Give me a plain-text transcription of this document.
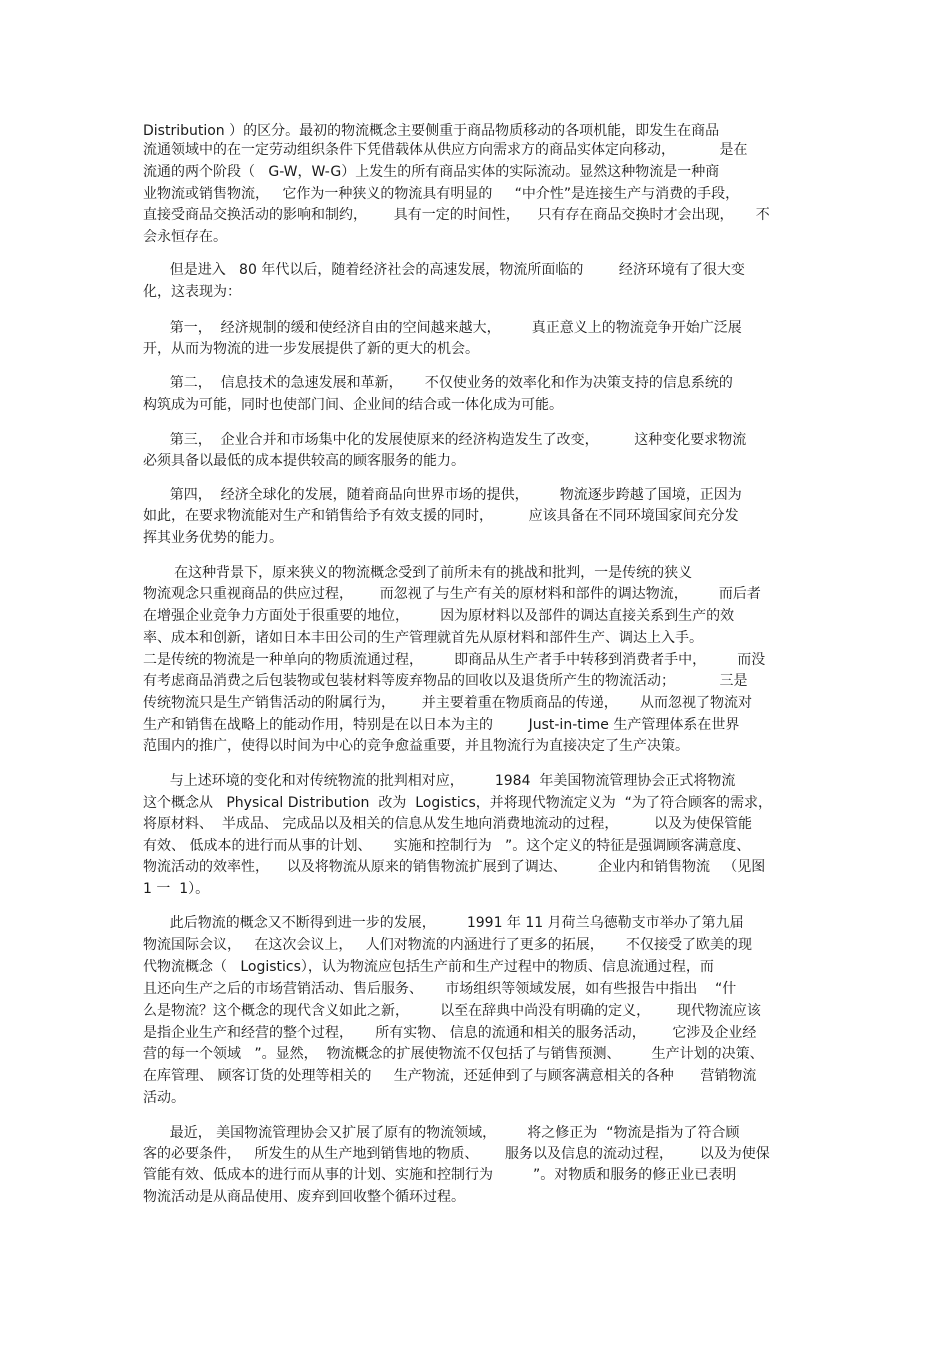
Distribution ）的区分。最初的物流概念主要侧重于商品物质移动的各项机能，即发生在商品
流通领域中的在一定劳动组织条件下凭借载体从供应方向需求方的商品实体定向移动，          是在
流通的两个阶段（   G-W，W-G）上发生的所有商品实体的实际流动。显然这种物流是一种商
业物流或销售物流，   它作为一种狭义的物流具有明显的     “中介性”是连接生产与消费的手段，
直接受商品交换活动的影响和制约，      具有一定的时间性，    只有存在商品交换时才会出现，     不
会永恒存在。
但是进入   80 年代以后，随着经济社会的高速发展，物流所面临的        经济环境有了很大变
化，这表现为：
第一，  经济规制的缓和使经济自由的空间越来越大，       真正意义上的物流竞争开始广泛展
开，从而为物流的进一步发展提供了新的更大的机会。
第二，  信息技术的急速发展和革新，     不仅使业务的效率化和作为决策支持的信息系统的
构筑成为可能，同时也使部门间、企业间的结合或一体化成为可能。
第三，  企业合并和市场集中化的发展使原来的经济构造发生了改变，        这种变化要求物流
必须具备以最低的成本提供较高的顾客服务的能力。
第四，  经济全球化的发展，随着商品向世界市场的提供，       物流逐步跨越了国境，正因为
如此，在要求物流能对生产和销售给予有效支援的同时，        应该具备在不同环境国家间充分发
挥其业务优势的能力。
在这种背景下，原来狭义的物流概念受到了前所未有的挑战和批判，一是传统的狭义
物流观念只重视商品的供应过程，      而忽视了与生产有关的原材料和部件的调达物流，       而后者
在增强企业竞争力方面处于很重要的地位，       因为原材料以及部件的调达直接关系到生产的效
率、成本和创新，诸如日本丰田公司的生产管理就首先从原材料和部件生产、调达上入手。
二是传统的物流是一种单向的物质流通过程，       即商品从生产者手中转移到消费者手中，       而没
有考虑商品消费之后包装物或包装材料等废弃物品的回收以及退货所产生的物流活动；          三是
传统物流只是生产销售活动的附属行为，      并主要着重在物质商品的传递，     从而忽视了物流对
生产和销售在战略上的能动作用，特别是在以日本为主的        Just-in-time 生产管理体系在世界
范围内的推广，使得以时间为中心的竞争愈益重要，并且物流行为直接决定了生产决策。
与上述环境的变化和对传统物流的批判相对应，       1984  年美国物流管理协会正式将物流
这个概念从   Physical Distribution  改为  Logistics，并将现代物流定义为  “为了符合顾客的需求，
将原材料、  半成品、 完成品以及相关的信息从发生地向消费地流动的过程，        以及为使保管能
有效、 低成本的进行而从事的计划、     实施和控制行为   ”。这个定义的特征是强调顾客满意度、
物流活动的效率性，    以及将物流从原来的销售物流扩展到了调达、       企业内和销售物流   （见图
1 一  1）。
此后物流的概念又不断得到进一步的发展，       1991 年 11 月荷兰乌德勒支市举办了第九届
物流国际会议，   在这次会议上，   人们对物流的内涵进行了更多的拓展，     不仅接受了欧美的现
代物流概念（   Logistics），认为物流应包括生产前和生产过程中的物质、信息流通过程，而
且还向生产之后的市场营销活动、售后服务、     市场组织等领域发展，如有些报告中指出    “什
么是物流？这个概念的现代含义如此之新，       以至在辞典中尚没有明确的定义，      现代物流应该
是指企业生产和经营的整个过程，     所有实物、 信息的流通和相关的服务活动，      它涉及企业经
营的每一个领域   ”。显然，  物流概念的扩展使物流不仅包括了与销售预测、       生产计划的决策、
在库管理、 顾客订货的处理等相关的     生产物流，还延伸到了与顾客满意相关的各种      营销物流
活动。
最近， 美国物流管理协会又扩展了原有的物流领域，       将之修正为  “物流是指为了符合顾
客的必要条件，   所发生的从生产地到销售地的物质、      服务以及信息的流动过程，      以及为使保
管能有效、低成本的进行而从事的计划、实施和控制行为         ”。对物质和服务的修正业已表明
物流活动是从商品使用、废弃到回收整个循环过程。
